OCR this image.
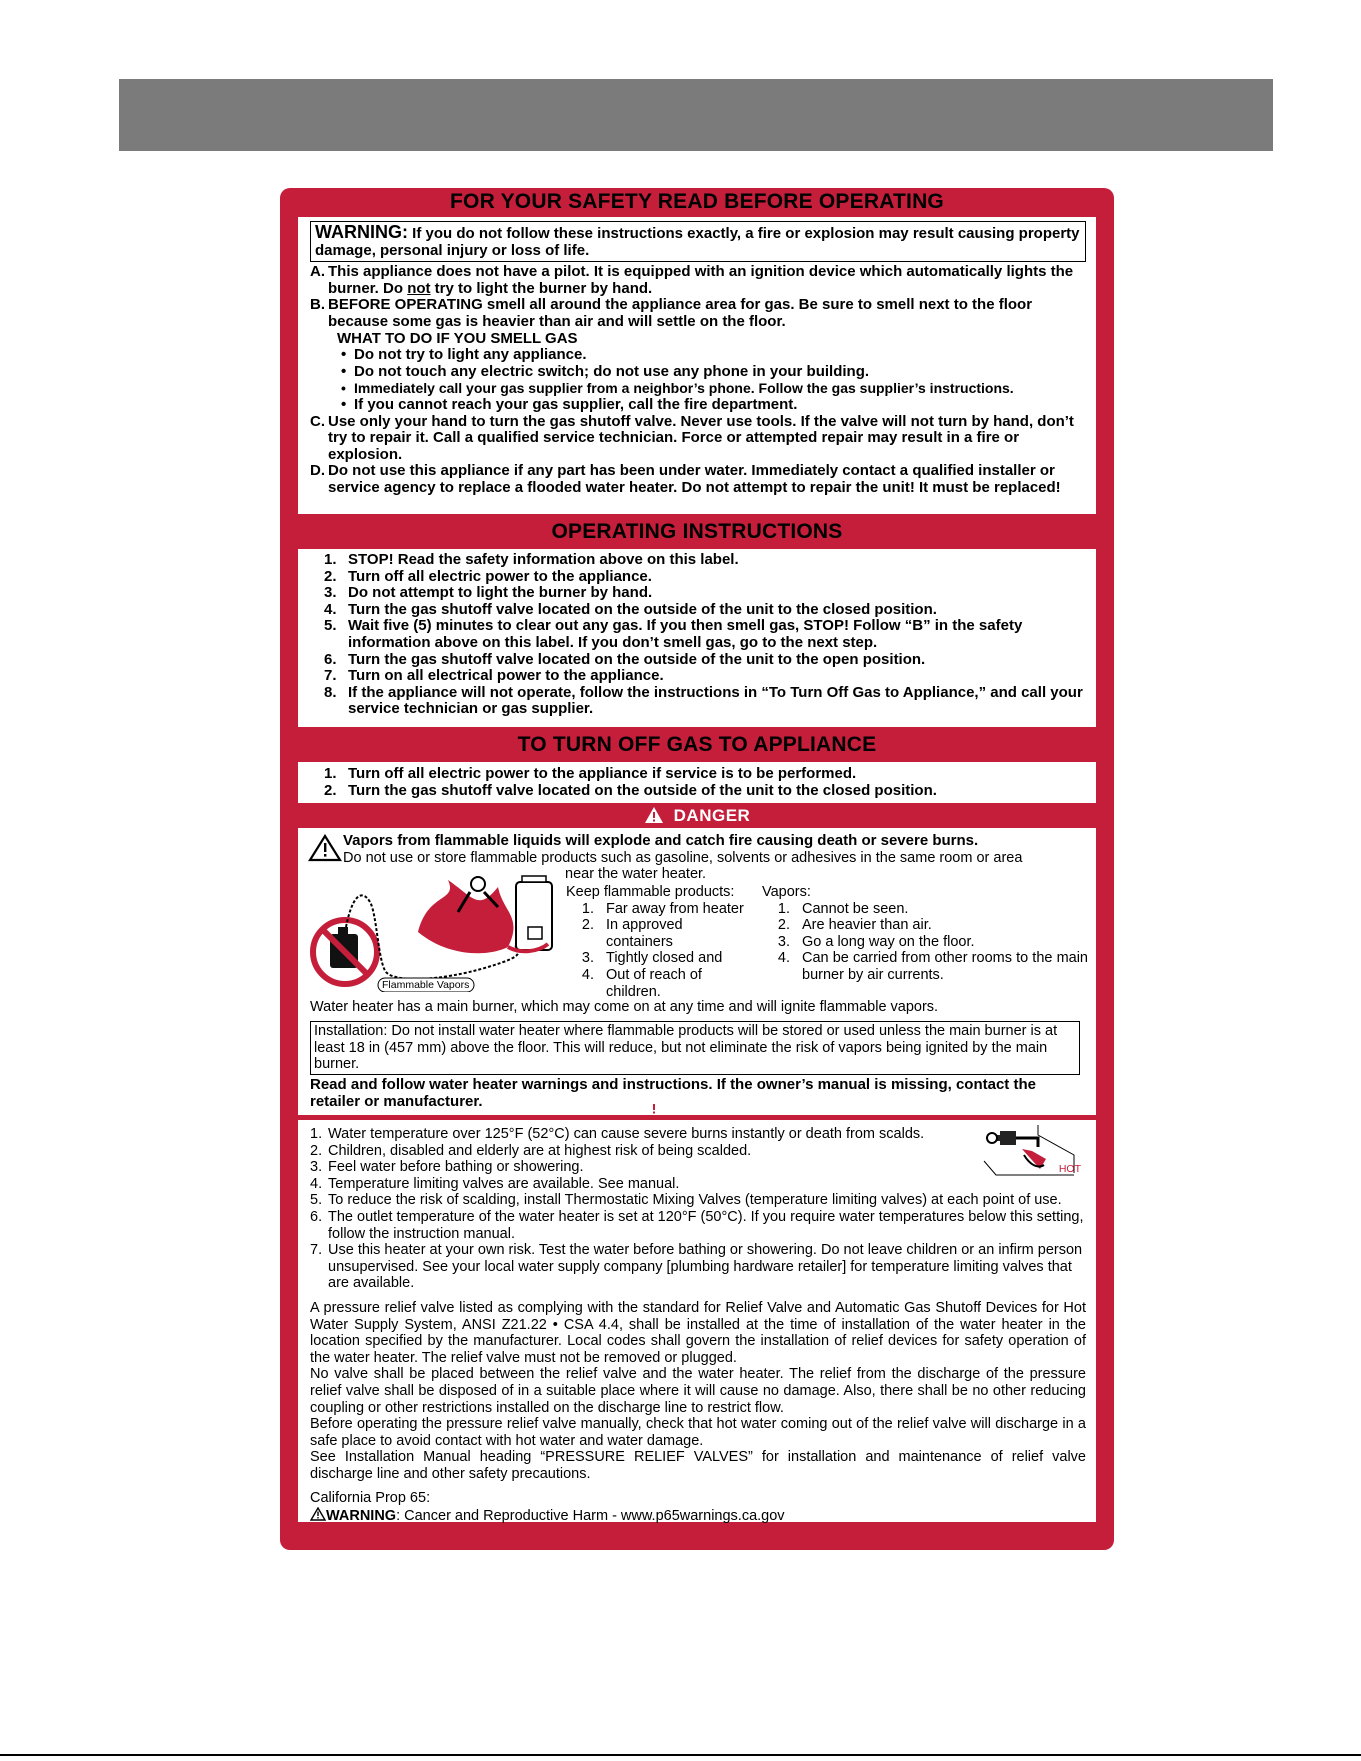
FOR YOUR SAFETY READ BEFORE OPERATING
WARNING: If you do not follow these instructions exactly, a fire or explosion may result causing property damage, personal injury or loss of life.
A. This appliance does not have a pilot. It is equipped with an ignition device which automatically lights the burner. Do not try to light the burner by hand.
B. BEFORE OPERATING smell all around the appliance area for gas. Be sure to smell next to the floor because some gas is heavier than air and will settle on the floor.

WHAT TO DO IF YOU SMELL GAS

• Do not try to light any appliance.
• Do not touch any electric switch; do not use any phone in your building.
• Immediately call your gas supplier from a neighbor’s phone. Follow the gas supplier’s instructions.
• If you cannot reach your gas supplier, call the fire department.
C. Use only your hand to turn the gas shutoff valve. Never use tools. If the valve will not turn by hand, don’t try to repair it. Call a qualified service technician. Force or attempted repair may result in a fire or explosion.
D. Do not use this appliance if any part has been under water. Immediately contact a qualified installer or service agency to replace a flooded water heater. Do not attempt to repair the unit! It must be replaced!
OPERATING INSTRUCTIONS
1. STOP! Read the safety information above on this label.
2. Turn off all electric power to the appliance.
3. Do not attempt to light the burner by hand.
4. Turn the gas shutoff valve located on the outside of the unit to the closed position.
5. Wait five (5) minutes to clear out any gas. If you then smell gas, STOP! Follow “B” in the safety information above on this label. If you don’t smell gas, go to the next step.
6. Turn the gas shutoff valve located on the outside of the unit to the open position.
7. Turn on all electrical power to the appliance.
8. If the appliance will not operate, follow the instructions in “To Turn Off Gas to Appliance,” and call your service technician or gas supplier.
TO TURN OFF GAS TO APPLIANCE
1. Turn off all electric power to the appliance if service is to be performed.
2. Turn the gas shutoff valve located on the outside of the unit to the closed position.
DANGER
Vapors from flammable liquids will explode and catch fire causing death or severe burns.
Do not use or store flammable products such as gasoline, solvents or adhesives in the same room or area
near the water heater.
Flammable Vapors
Keep flammable products:
1. Far away from heater
2. In approved containers
3. Tightly closed and
4. Out of reach of children.
Vapors:
1. Cannot be seen.
2. Are heavier than air.
3. Go a long way on the floor.
4. Can be carried from other rooms to the main burner by air currents.
Water heater has a main burner, which may come on at any time and will ignite flammable vapors.
Installation: Do not install water heater where flammable products will be stored or used unless the main burner is at least 18 in (457 mm) above the floor. This will reduce, but not eliminate the risk of vapors being ignited by the main burner.
Read and follow water heater warnings and instructions. If the owner’s manual is missing, contact the retailer or manufacturer.	DANGER
HOT
1. Water temperature over 125°F (52°C) can cause severe burns instantly or death from scalds.
2. Children, disabled and elderly are at highest risk of being scalded.
3. Feel water before bathing or showering.
4. Temperature limiting valves are available. See manual.
5. To reduce the risk of scalding, install Thermostatic Mixing Valves (temperature limiting valves) at each point of use.
6. The outlet temperature of the water heater is set at 120°F (50°C). If you require water temperatures below this setting, follow the instruction manual.
7. Use this heater at your own risk. Test the water before bathing or showering. Do not leave children or an infirm person unsupervised. See your local water supply company [plumbing hardware retailer] for temperature limiting valves that are available.

A pressure relief valve listed as complying with the standard for Relief Valve and Automatic Gas Shutoff Devices for Hot Water Supply System, ANSI Z21.22 • CSA 4.4, shall be installed at the time of installation of the water heater in the location specified by the manufacturer. Local codes shall govern the installation of relief devices for safety operation of the water heater. The relief valve must not be removed or plugged.

No valve shall be placed between the relief valve and the water heater. The relief from the discharge of the pressure relief valve shall be disposed of in a suitable place where it will cause no damage. Also, there shall be no other reducing coupling or other restrictions installed on the discharge line to restrict flow.

Before operating the pressure relief valve manually, check that hot water coming out of the relief valve will discharge in a safe place to avoid contact with hot water and water damage.

See Installation Manual heading “PRESSURE RELIEF VALVES” for installation and maintenance of relief valve discharge line and other safety precautions.

California Prop 65:

WARNING: Cancer and Reproductive Harm - www.p65warnings.ca.gov
